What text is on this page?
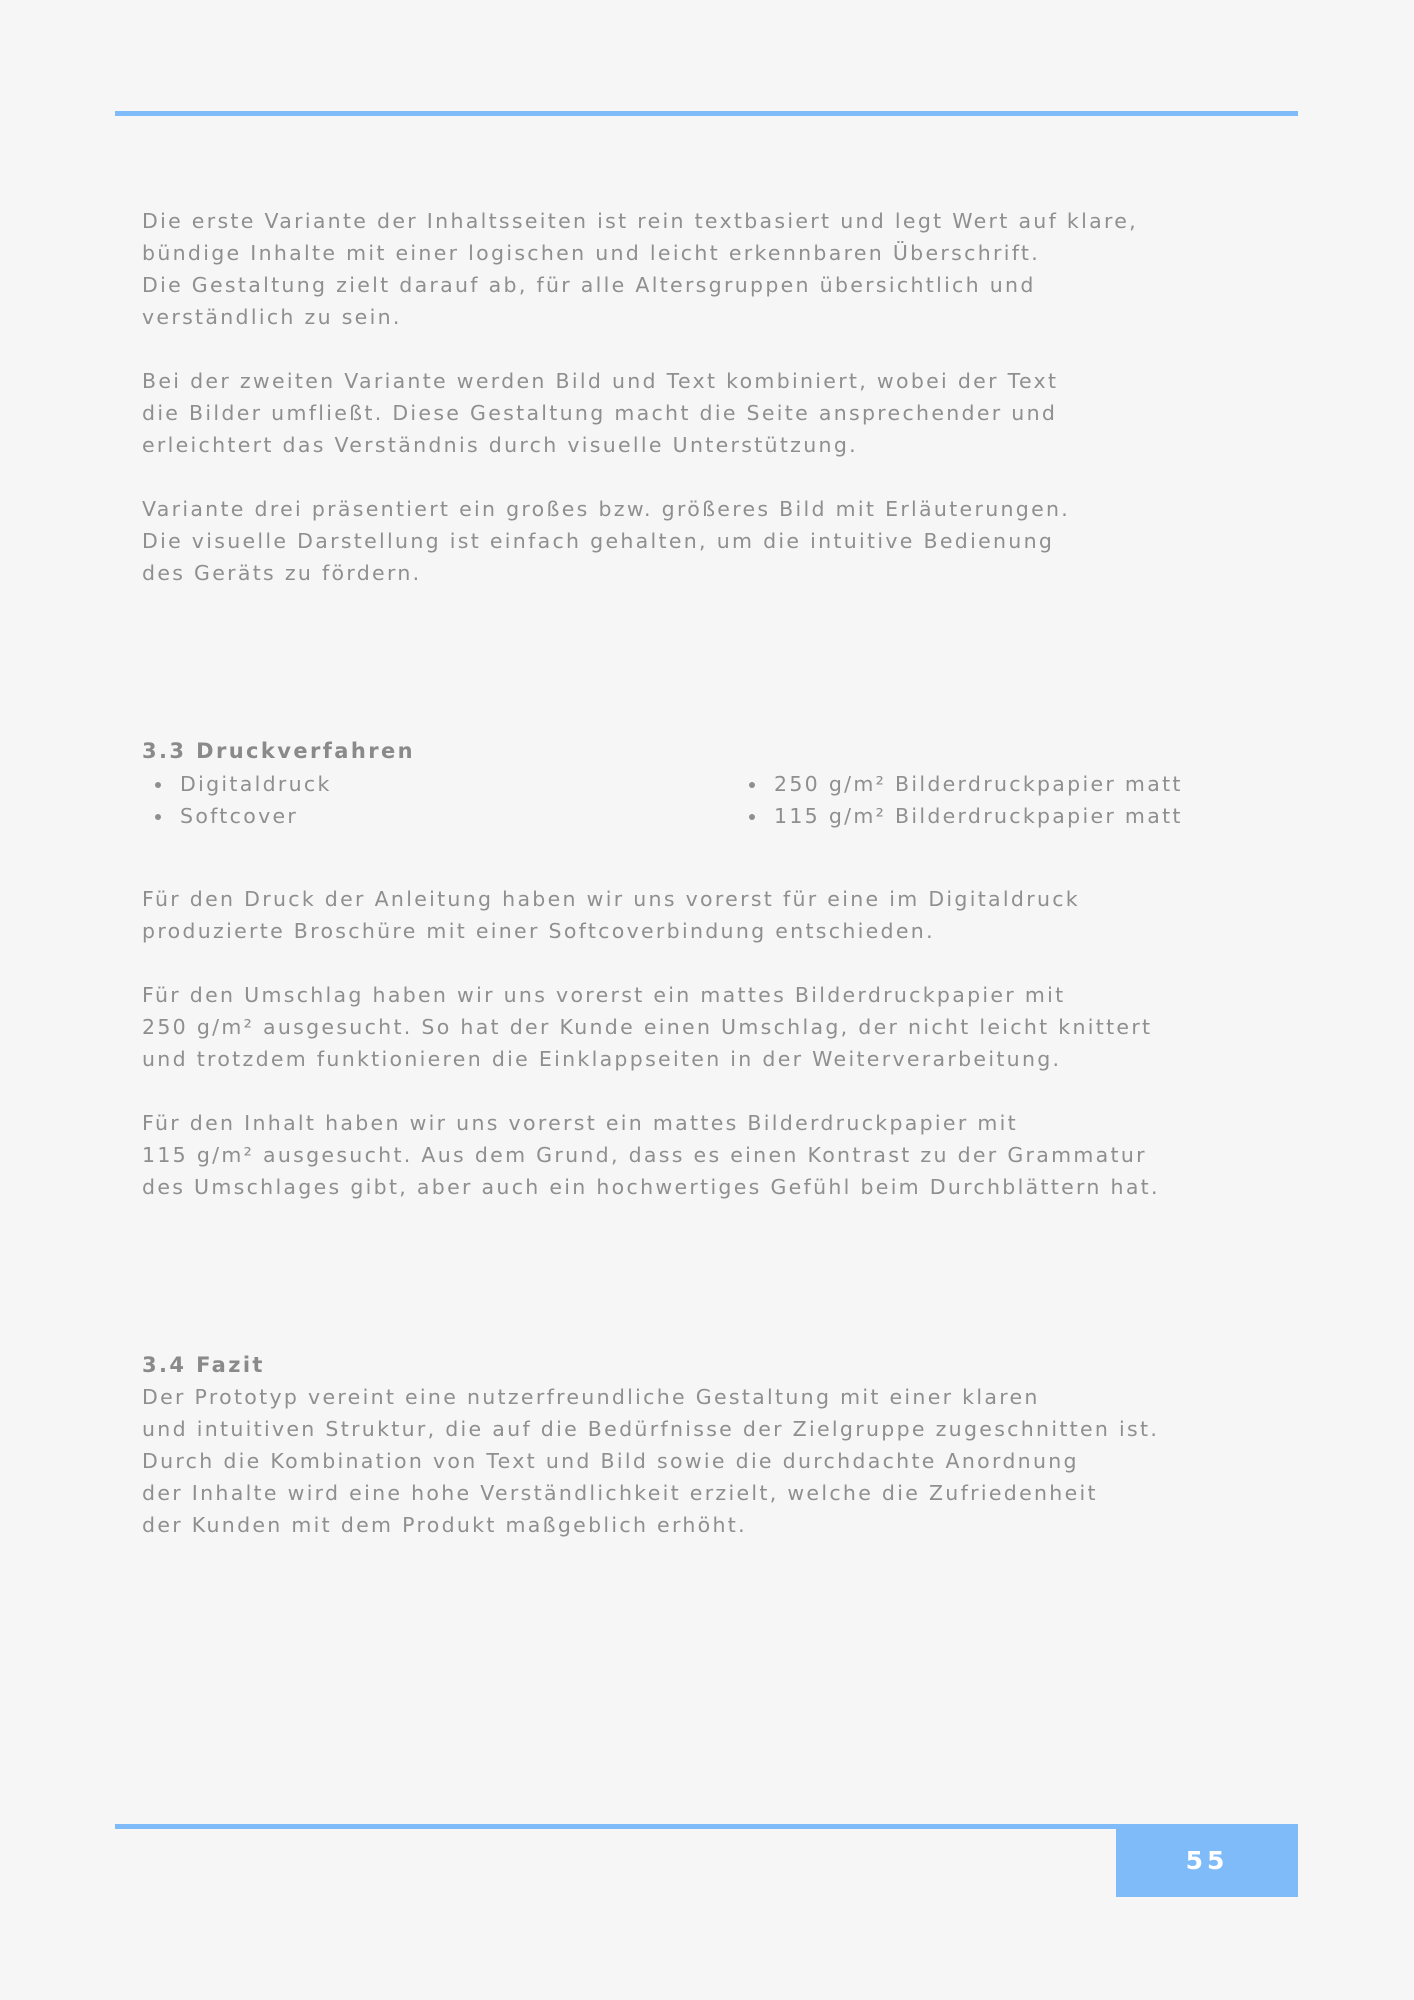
Die erste Variante der Inhaltsseiten ist rein textbasiert und legt Wert auf klare,
bündige Inhalte mit einer logischen und leicht erkennbaren Überschrift.
Die Gestaltung zielt darauf ab, für alle Altersgruppen übersichtlich und
verständlich zu sein.

Bei der zweiten Variante werden Bild und Text kombiniert, wobei der Text
die Bilder umfließt. Diese Gestaltung macht die Seite ansprechender und
erleichtert das Verständnis durch visuelle Unterstützung.

Variante drei präsentiert ein großes bzw. größeres Bild mit Erläuterungen.
Die visuelle Darstellung ist einfach gehalten, um die intuitive Bedienung
des Geräts zu fördern.

3.3 Druckverfahren
Digitaldruck
Softcover
250 g/m² Bilderdruckpapier matt
115 g/m² Bilderdruckpapier matt

Für den Druck der Anleitung haben wir uns vorerst für eine im Digitaldruck
produzierte Broschüre mit einer Softcoverbindung entschieden.

Für den Umschlag haben wir uns vorerst ein mattes Bilderdruckpapier mit
250 g/m² ausgesucht. So hat der Kunde einen Umschlag, der nicht leicht knittert
und trotzdem funktionieren die Einklappseiten in der Weiterverarbeitung.

Für den Inhalt haben wir uns vorerst ein mattes Bilderdruckpapier mit
115 g/m² ausgesucht. Aus dem Grund, dass es einen Kontrast zu der Grammatur
des Umschlages gibt, aber auch ein hochwertiges Gefühl beim Durchblättern hat.

3.4 Fazit

Der Prototyp vereint eine nutzerfreundliche Gestaltung mit einer klaren
und intuitiven Struktur, die auf die Bedürfnisse der Zielgruppe zugeschnitten ist.
Durch die Kombination von Text und Bild sowie die durchdachte Anordnung
der Inhalte wird eine hohe Verständlichkeit erzielt, welche die Zufriedenheit
der Kunden mit dem Produkt maßgeblich erhöht.

55
